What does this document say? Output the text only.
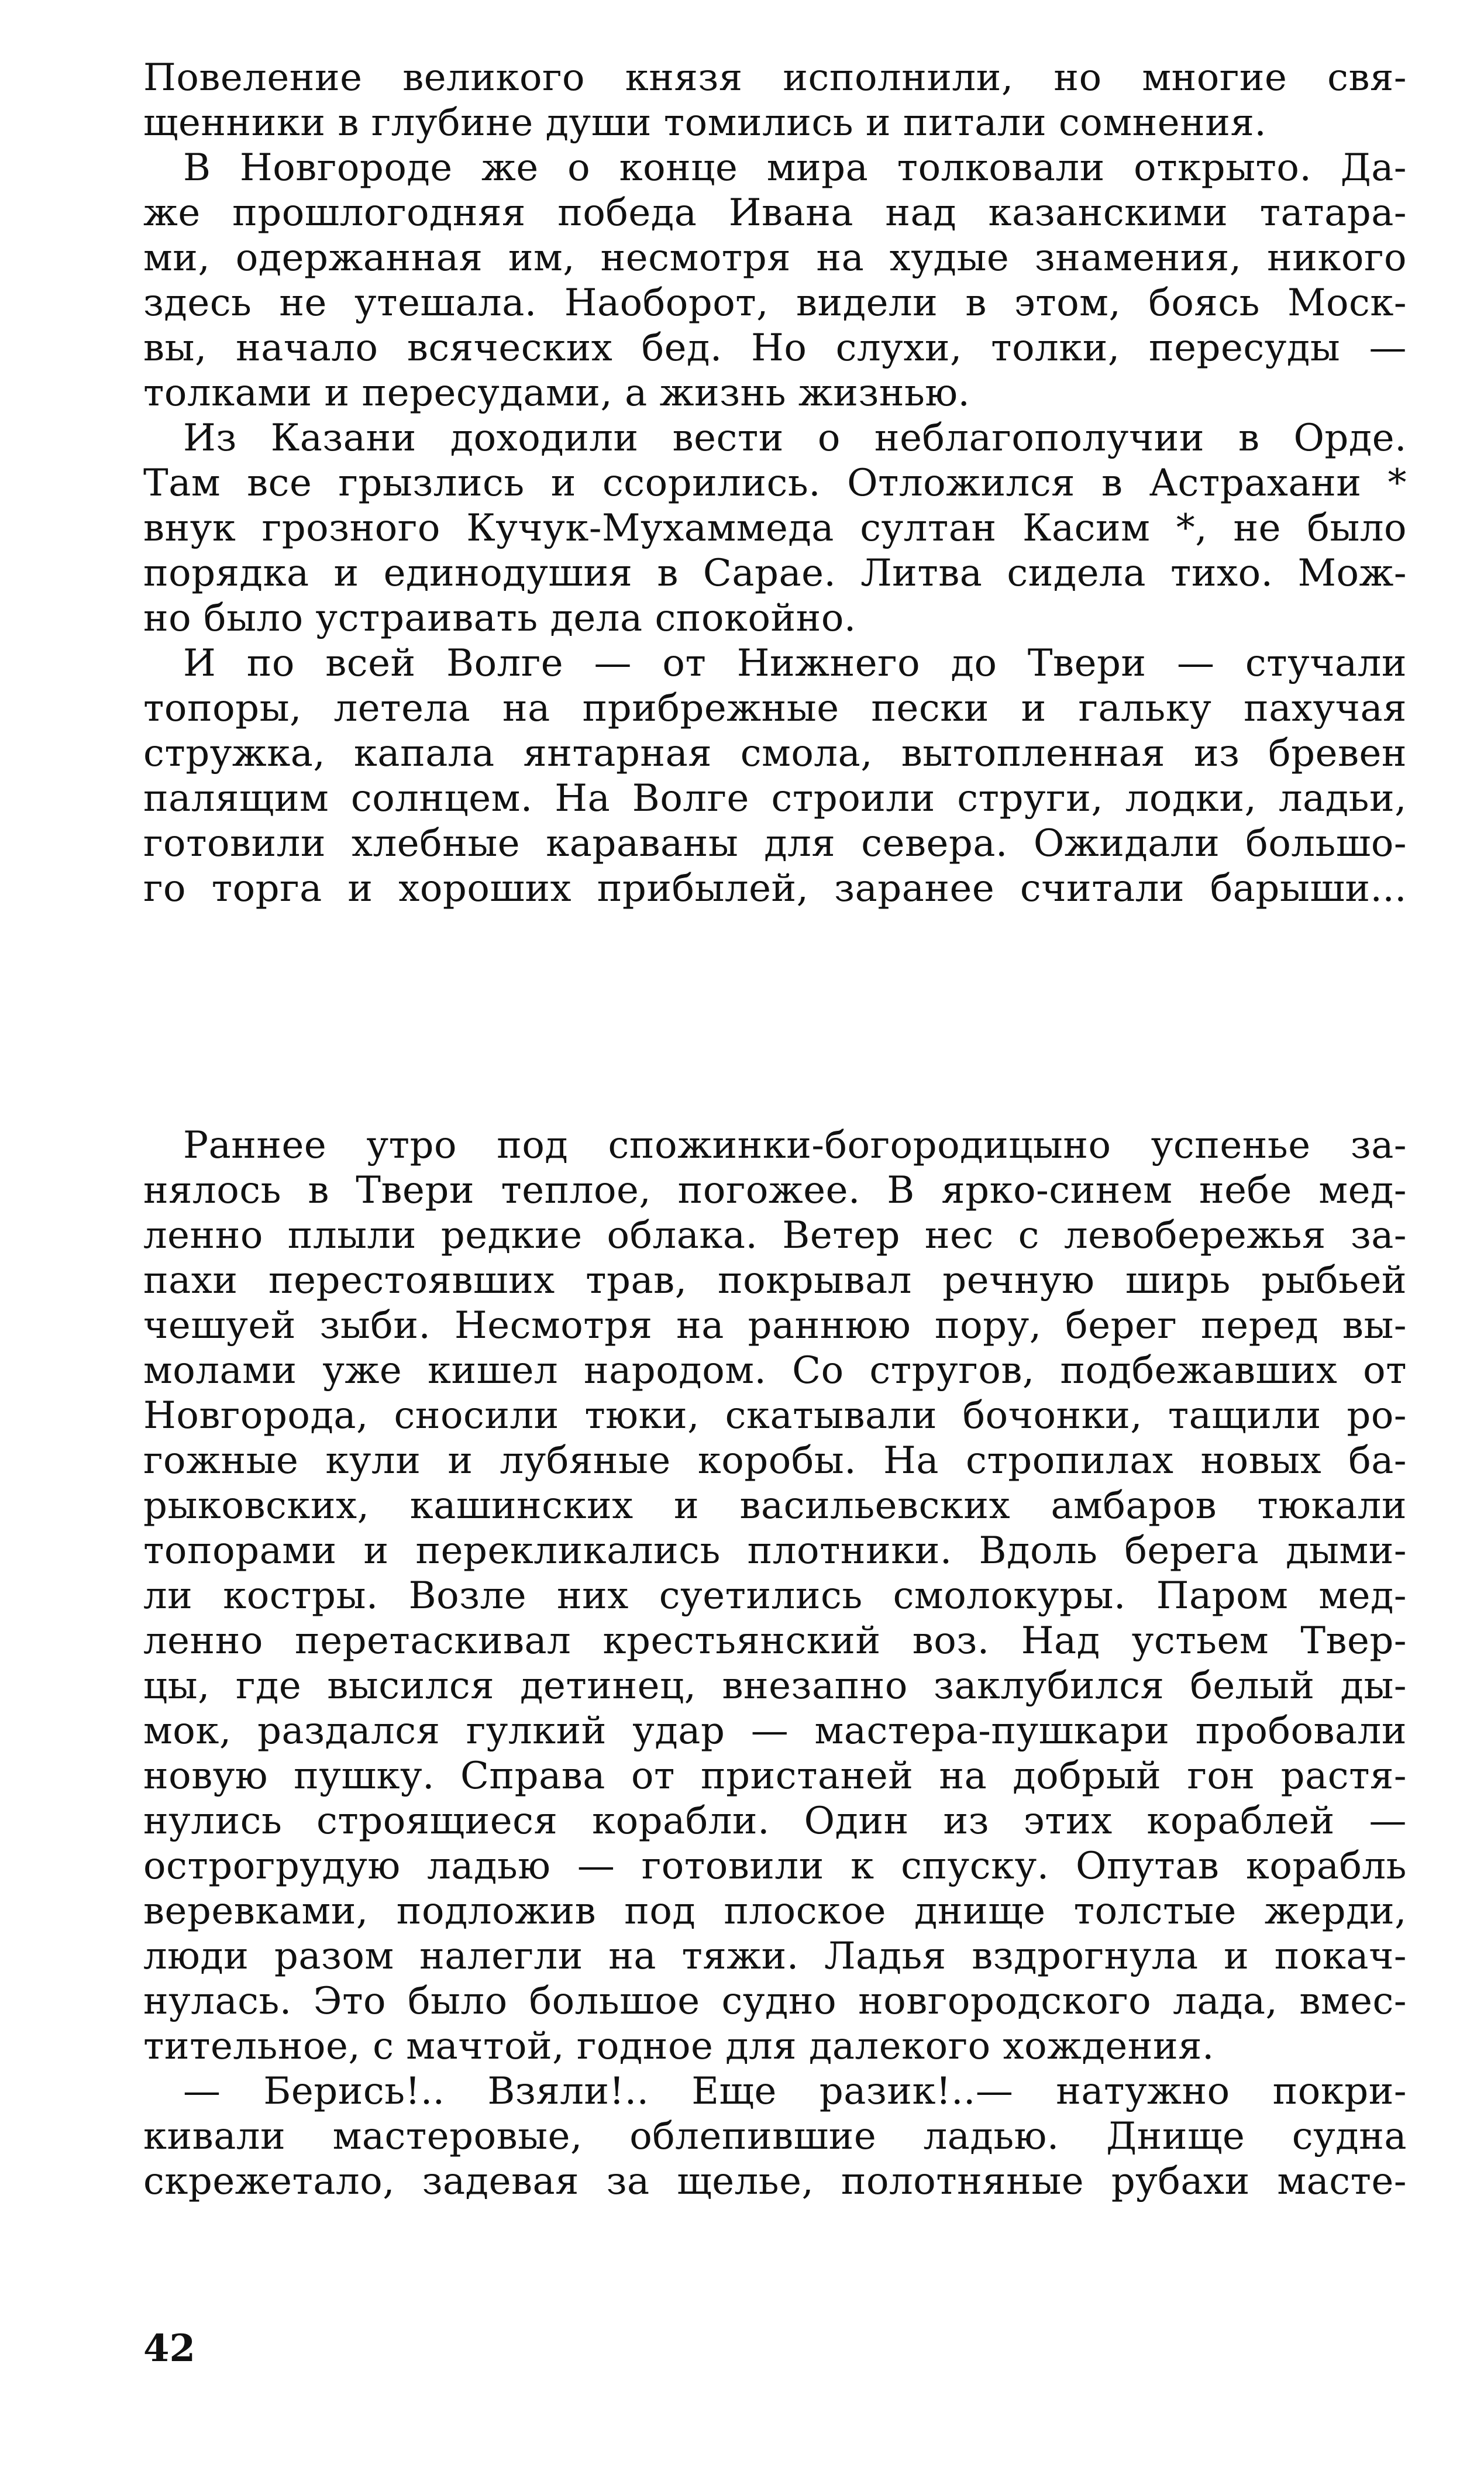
Повеление великого князя исполнили, но многие свя-
щенники в глубине души томились и питали сомнения.
В Новгороде же о конце мира толковали открыто. Да-
же прошлогодняя победа Ивана над казанскими татара-
ми, одержанная им, несмотря на худые знамения, никого
здесь не утешала. Наоборот, видели в этом, боясь Моск-
вы, начало всяческих бед. Но слухи, толки, пересуды —
толками и пересудами, а жизнь жизнью.
Из Казани доходили вести о неблагополучии в Орде.
Там все грызлись и ссорились. Отложился в Астрахани *
внук грозного Кучук-Мухаммеда султан Касим *, не было
порядка и единодушия в Сарае. Литва сидела тихо. Мож-
но было устраивать дела спокойно.
И по всей Волге — от Нижнего до Твери — стучали
топоры, летела на прибрежные пески и гальку пахучая
стружка, капала янтарная смола, вытопленная из бревен
палящим солнцем. На Волге строили струги, лодки, ладьи,
готовили хлебные караваны для севера. Ожидали большо-
го торга и хороших прибылей, заранее считали барыши...
Раннее утро под спожинки-богородицыно успенье за-
нялось в Твери теплое, погожее. В ярко-синем небе мед-
ленно плыли редкие облака. Ветер нес с левобережья за-
пахи перестоявших трав, покрывал речную ширь рыбьей
чешуей зыби. Несмотря на раннюю пору, берег перед вы-
молами уже кишел народом. Со стругов, подбежавших от
Новгорода, сносили тюки, скатывали бочонки, тащили ро-
гожные кули и лубяные коробы. На стропилах новых ба-
рыковских, кашинских и васильевских амбаров тюкали
топорами и перекликались плотники. Вдоль берега дыми-
ли костры. Возле них суетились смолокуры. Паром мед-
ленно перетаскивал крестьянский воз. Над устьем Твер-
цы, где высился детинец, внезапно заклубился белый ды-
мок, раздался гулкий удар — мастера-пушкари пробовали
новую пушку. Справа от пристаней на добрый гон растя-
нулись строящиеся корабли. Один из этих кораблей —
острогрудую ладью — готовили к спуску. Опутав корабль
веревками, подложив под плоское днище толстые жерди,
люди разом налегли на тяжи. Ладья вздрогнула и покач-
нулась. Это было большое судно новгородского лада, вмес-
тительное, с мачтой, годное для далекого хождения.
— Берись!.. Взяли!.. Еще разик!..— натужно покри-
кивали мастеровые, облепившие ладью. Днище судна
скрежетало, задевая за щелье, полотняные рубахи масте-
42
